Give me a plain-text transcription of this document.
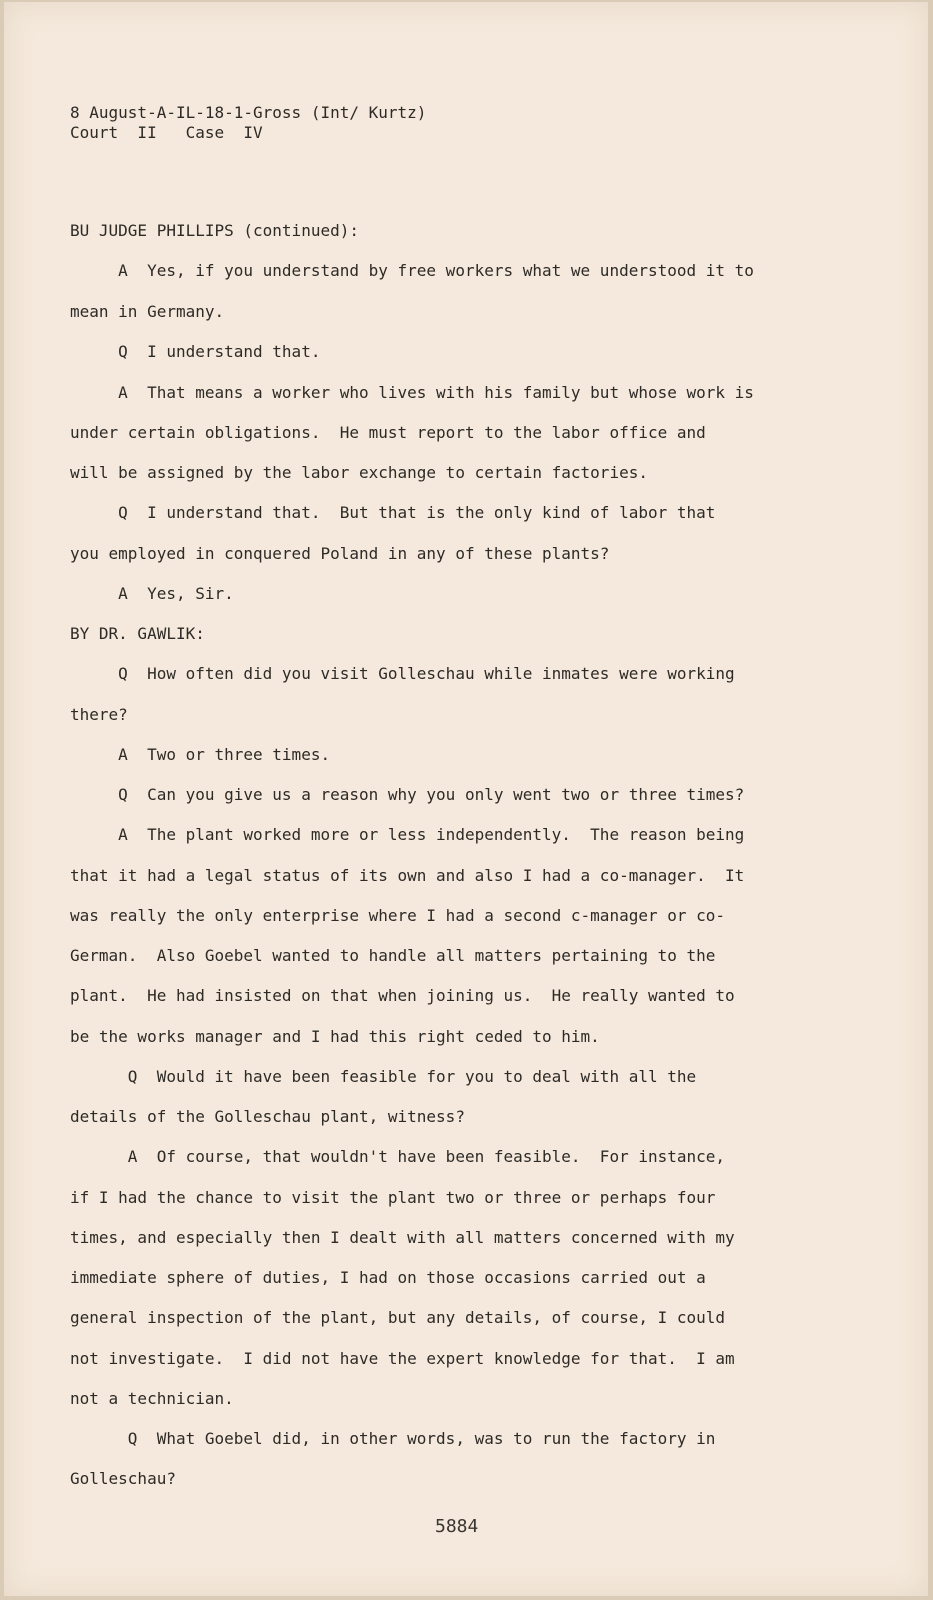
8 August-A-IL-18-1-Gross (Int/ Kurtz)

Court  II   Case  IV

BU JUDGE PHILLIPS (continued):

A  Yes, if you understand by free workers what we understood it to

mean in Germany.

Q  I understand that.

A  That means a worker who lives with his family but whose work is

under certain obligations.  He must report to the labor office and

will be assigned by the labor exchange to certain factories.

Q  I understand that.  But that is the only kind of labor that

you employed in conquered Poland in any of these plants?

A  Yes, Sir.

BY DR. GAWLIK:

Q  How often did you visit Golleschau while inmates were working

there?

A  Two or three times.

Q  Can you give us a reason why you only went two or three times?

A  The plant worked more or less independently.  The reason being

that it had a legal status of its own and also I had a co-manager.  It

was really the only enterprise where I had a second c-manager or co-

German.  Also Goebel wanted to handle all matters pertaining to the

plant.  He had insisted on that when joining us.  He really wanted to

be the works manager and I had this right ceded to him.

Q  Would it have been feasible for you to deal with all the

details of the Golleschau plant, witness?

A  Of course, that wouldn't have been feasible.  For instance,

if I had the chance to visit the plant two or three or perhaps four

times, and especially then I dealt with all matters concerned with my

immediate sphere of duties, I had on those occasions carried out a

general inspection of the plant, but any details, of course, I could

not investigate.  I did not have the expert knowledge for that.  I am

not a technician.

Q  What Goebel did, in other words, was to run the factory in

Golleschau?

5884
